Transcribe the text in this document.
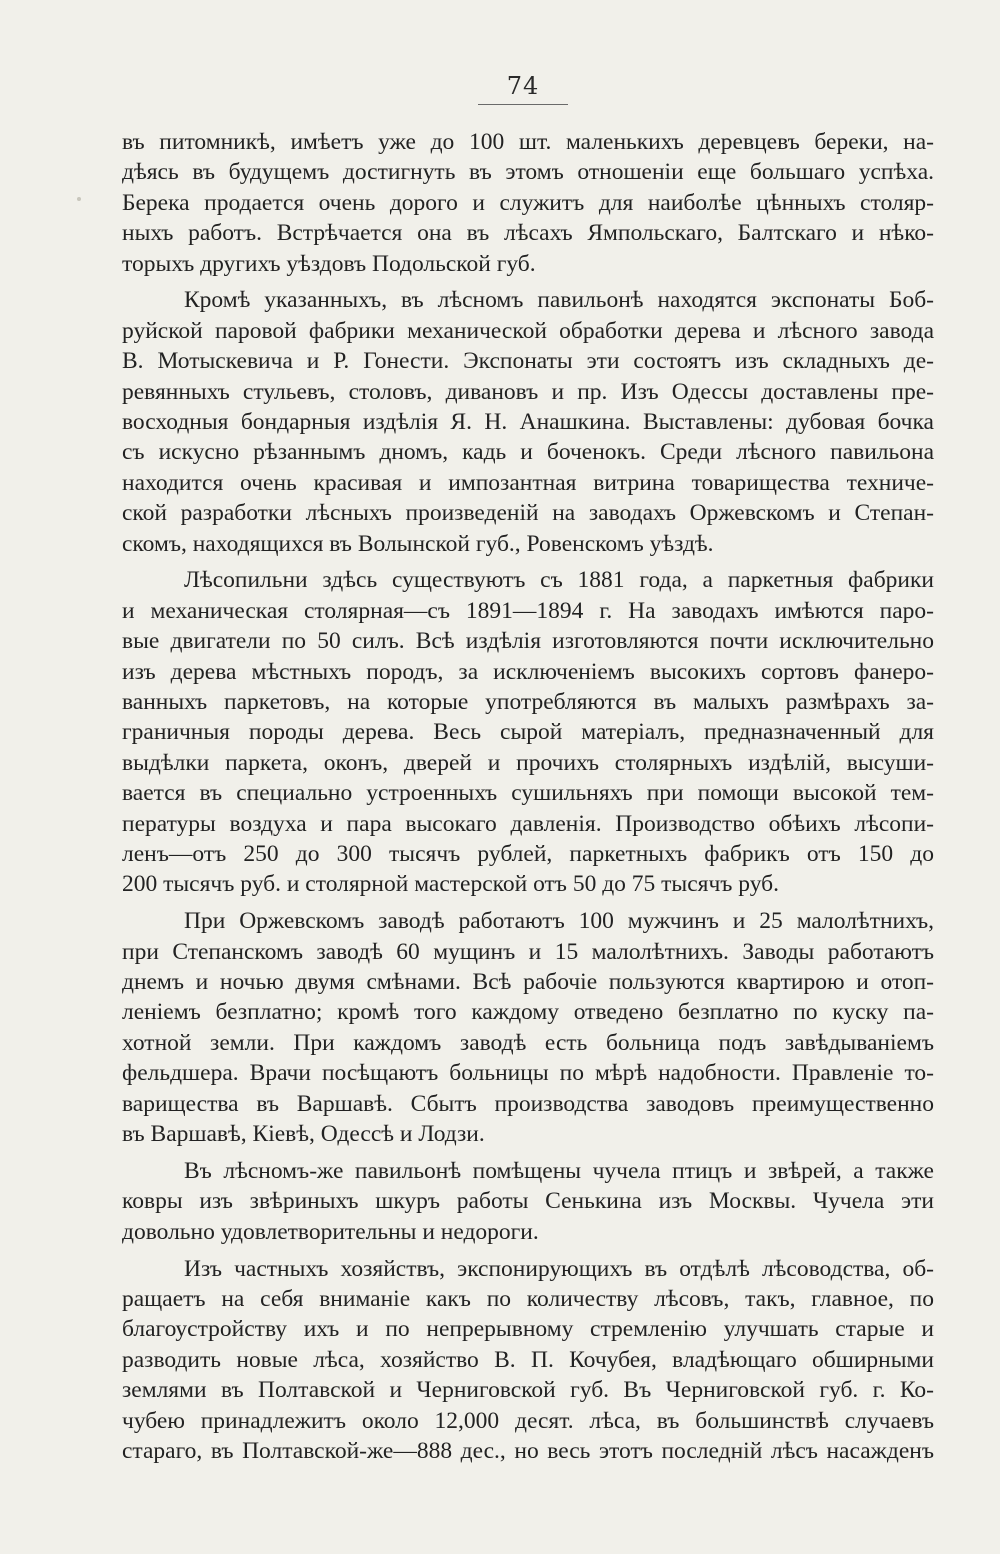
74
въ питомникѣ, имѣетъ уже до 100 шт. маленькихъ деревцевъ береки, на-
дѣясь въ будущемъ достигнуть въ этомъ отношеніи еще большаго успѣха.
Берека продается очень дорого и служитъ для наиболѣе цѣнныхъ столяр-
ныхъ работъ. Встрѣчается она въ лѣсахъ Ямпольскаго, Балтскаго и нѣко-
торыхъ другихъ уѣздовъ Подольской губ.
Кромѣ указанныхъ, въ лѣсномъ павильонѣ находятся экспонаты Боб-
руйской паровой фабрики механической обработки дерева и лѣсного завода
В. Мотыскевича и Р. Гонести. Экспонаты эти состоятъ изъ складныхъ де-
ревянныхъ стульевъ, столовъ, дивановъ и пр. Изъ Одессы доставлены пре-
восходныя бондарныя издѣлія Я. Н. Анашкина. Выставлены: дубовая бочка
съ искусно рѣзаннымъ дномъ, кадь и боченокъ. Среди лѣсного павильона
находится очень красивая и импозантная витрина товарищества техниче-
ской разработки лѣсныхъ произведеній на заводахъ Оржевскомъ и Степан-
скомъ, находящихся въ Волынской губ., Ровенскомъ уѣздѣ.
Лѣсопильни здѣсь существуютъ съ 1881 года, а паркетныя фабрики
и механическая столярная—съ 1891—1894 г. На заводахъ имѣются паро-
вые двигатели по 50 силъ. Всѣ издѣлія изготовляются почти исключительно
изъ дерева мѣстныхъ породъ, за исключеніемъ высокихъ сортовъ фанеро-
ванныхъ паркетовъ, на которые употребляются въ малыхъ размѣрахъ за-
граничныя породы дерева. Весь сырой матеріалъ, предназначенный для
выдѣлки паркета, оконъ, дверей и прочихъ столярныхъ издѣлій, высуши-
вается въ специально устроенныхъ сушильняхъ при помощи высокой тем-
пературы воздуха и пара высокаго давленія. Производство обѣихъ лѣсопи-
ленъ—отъ 250 до 300 тысячъ рублей, паркетныхъ фабрикъ отъ 150 до
200 тысячъ руб. и столярной мастерской отъ 50 до 75 тысячъ руб.
При Оржевскомъ заводѣ работаютъ 100 мужчинъ и 25 малолѣтнихъ,
при Степанскомъ заводѣ 60 мущинъ и 15 малолѣтнихъ. Заводы работаютъ
днемъ и ночью двумя смѣнами. Всѣ рабочіе пользуются квартирою и отоп-
леніемъ безплатно; кромѣ того каждому отведено безплатно по куску па-
хотной земли. При каждомъ заводѣ есть больница подъ завѣдываніемъ
фельдшера. Врачи посѣщаютъ больницы по мѣрѣ надобности. Правленіе то-
варищества въ Варшавѣ. Сбытъ производства заводовъ преимущественно
въ Варшавѣ, Кіевѣ, Одессѣ и Лодзи.
Въ лѣсномъ-же павильонѣ помѣщены чучела птицъ и звѣрей, а также
ковры изъ звѣриныхъ шкуръ работы Сенькина изъ Москвы. Чучела эти
довольно удовлетворительны и недороги.
Изъ частныхъ хозяйствъ, экспонирующихъ въ отдѣлѣ лѣсоводства, об-
ращаетъ на себя вниманіе какъ по количеству лѣсовъ, такъ, главное, по
благоустройству ихъ и по непрерывному стремленію улучшать старые и
разводить новые лѣса, хозяйство В. П. Кочубея, владѣющаго обширными
землями въ Полтавской и Черниговской губ. Въ Черниговской губ. г. Ко-
чубею принадлежитъ около 12,000 десят. лѣса, въ большинствѣ случаевъ
стараго, въ Полтавской-же—888 дес., но весь этотъ последній лѣсъ насажденъ
